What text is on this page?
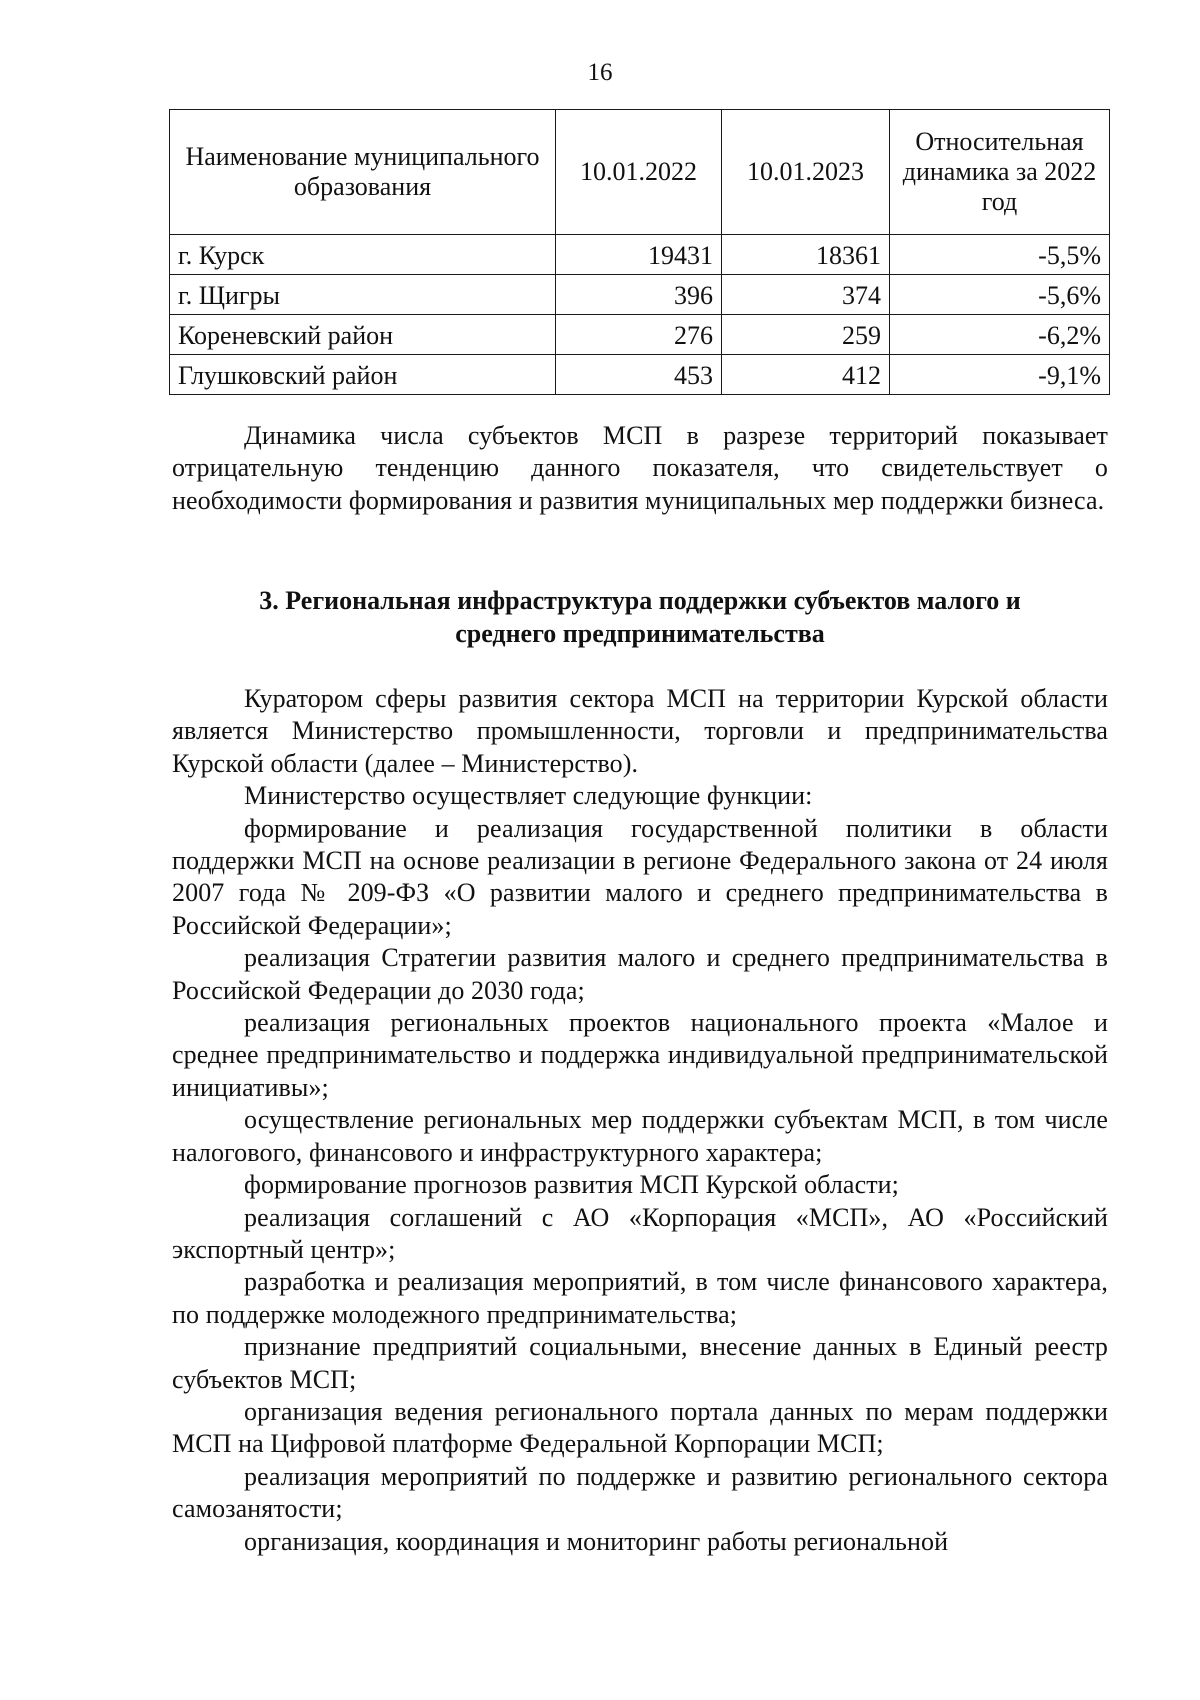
16
Наименование муниципального образования	10.01.2022	10.01.2023	Относительная динамика за 2022 год
г. Курск	19431	18361	-5,5%
г. Щигры	396	374	-5,6%
Кореневский район	276	259	-6,2%
Глушковский район	453	412	-9,1%

Динамика числа субъектов МСП в разрезе территорий показывает отрицательную тенденцию данного показателя, что свидетельствует о необходимости формирования и развития муниципальных мер поддержки бизнеса.

3. Региональная инфраструктура поддержки субъектов малого и
среднего предпринимательства

Куратором сферы развития сектора МСП на территории Курской области является Министерство промышленности, торговли и предпринимательства Курской области (далее – Министерство).

Министерство осуществляет следующие функции:

формирование и реализация государственной политики в области поддержки МСП на основе реализации в регионе Федерального закона от 24 июля 2007 года № 209-ФЗ «О развитии малого и среднего предпринимательства в Российской Федерации»;

реализация Стратегии развития малого и среднего предпринимательства в Российской Федерации до 2030 года;

реализация региональных проектов национального проекта «Малое и среднее предпринимательство и поддержка индивидуальной предпринимательской инициативы»;

осуществление региональных мер поддержки субъектам МСП, в том числе налогового, финансового и инфраструктурного характера;

формирование прогнозов развития МСП Курской области;

реализация соглашений с АО «Корпорация «МСП», АО «Российский экспортный центр»;

разработка и реализация мероприятий, в том числе финансового характера, по поддержке молодежного предпринимательства;

признание предприятий социальными, внесение данных в Единый реестр субъектов МСП;

организация ведения регионального портала данных по мерам поддержки МСП на Цифровой платформе Федеральной Корпорации МСП;

реализация мероприятий по поддержке и развитию регионального сектора самозанятости;

организация, координация и мониторинг работы региональной
